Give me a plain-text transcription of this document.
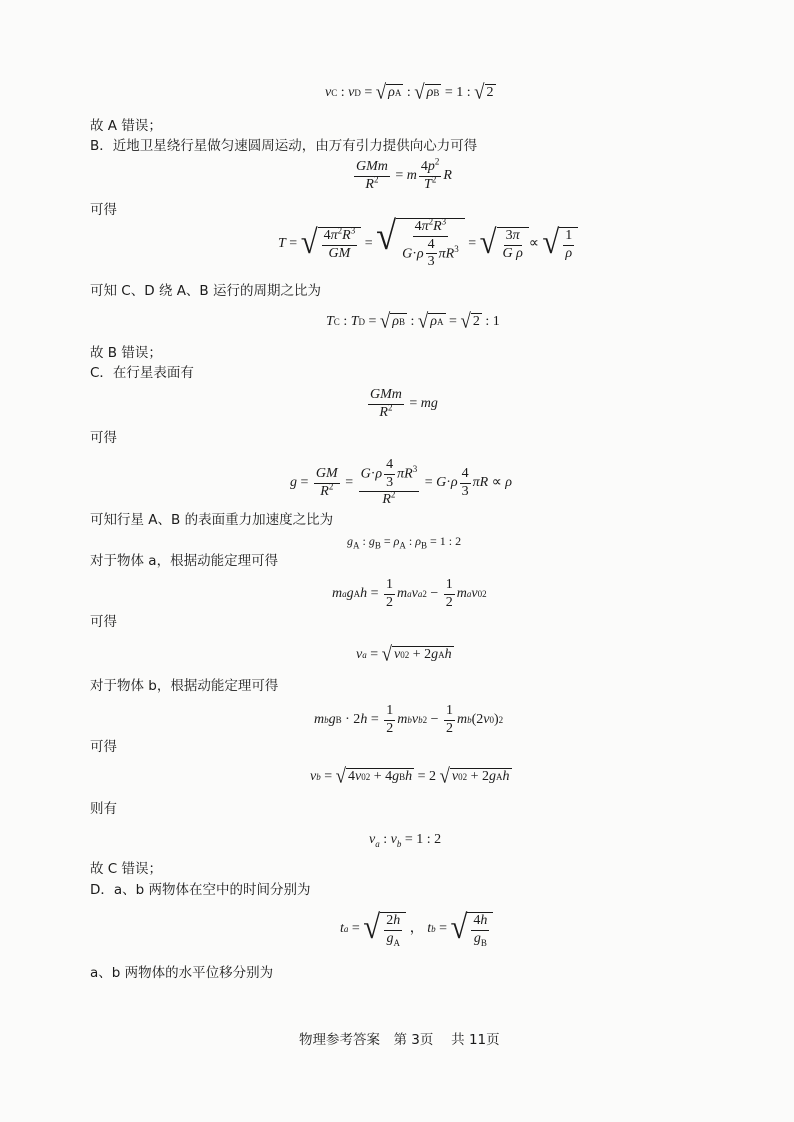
故 A 错误；
B．近地卫星绕行星做匀速圆周运动，由万有引力提供向心力可得
可得
可知 C、D 绕 A、B 运行的周期之比为
故 B 错误；
C．在行星表面有
可得
可知行星 A、B 的表面重力加速度之比为
对于物体 a，根据动能定理可得
可得
对于物体 b，根据动能定理可得
可得
则有
故 C 错误；
D．a、b 两物体在空中的时间分别为
a、b 两物体的水平位移分别为
v C : v D = √ ρ A : √ ρ B = 1 : √ 2
$\frac{\text{GMm}}{R^2} = m \frac{4p^2}{T^2}$ R
T = √ $\frac{4\pi^2R^3}{GM}$ = √ $\frac{4\pi^2R^3}{G\cdot\rho \frac{4}{3} \pi R^3}$ = √ $\frac{3\pi}{\text{G ρ}}$ ∝ √ $\frac{1}{\rho}$
T C : T D = √ ρ B : √ ρ A = √ 2 : 1
$\frac{\text{GMm}}{R^2}$ = mg
$g = \frac{GM}{R^2} = \frac{G\cdot\rho \frac{4}{3} \pi R^3}{R^2} = G \cdot \rho \frac{4}{3}$ πR ∝ ρ
$g_A$ : $g_B = \rho_A$ : $\rho_B = 1$ : 2
m a g A $h = \frac{1}{2}$ m a v a $2 - \frac{1}{2}$ m a v 0 2
v a = √ v 0 2 + 2 g A h
m b g B · 2 $h = \frac{1}{2}$ m b v b $2 - \frac{1}{2}$ m b (2 v 0 ) 2
v b = √ 4 v 0 2 + 4 g B h = 2 √ v 0 2 + 2 g A h
$v_a$ : $v_b = 1$ : 2
t a = √ $\frac{2h}{g_A}$ ， t b = √ $\frac{4h}{g_B}$
物理参考答案　第 3页　 共 11页
